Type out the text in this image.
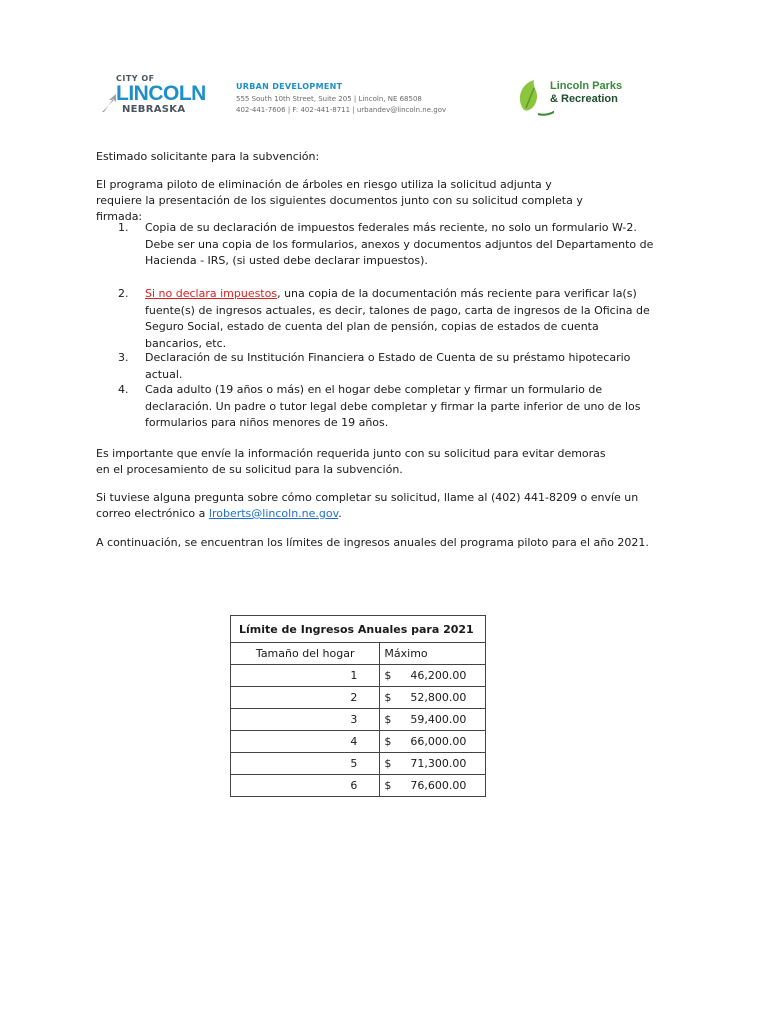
CITY OF
LINCOLN
NEBRASKA
URBAN DEVELOPMENT
555 South 10th Street, Suite 205 | Lincoln, NE 68508
402-441-7606 | F: 402-441-8711 | urbandev@lincoln.ne.gov
Lincoln Parks
& Recreation
Estimado solicitante para la subvención:
El programa piloto de eliminación de árboles en riesgo utiliza la solicitud adjunta y requiere la presentación de los siguientes documentos junto con su solicitud completa y firmada:
1. Copia de su declaración de impuestos federales más reciente, no solo un formulario W-2. Debe ser una copia de los formularios, anexos y documentos adjuntos del Departamento de Hacienda - IRS, (si usted debe declarar impuestos).
2. Si no declara impuestos, una copia de la documentación más reciente para verificar la(s) fuente(s) de ingresos actuales, es decir, talones de pago, carta de ingresos de la Oficina de Seguro Social, estado de cuenta del plan de pensión, copias de estados de cuenta bancarios, etc.
3. Declaración de su Institución Financiera o Estado de Cuenta de su préstamo hipotecario actual.
4. Cada adulto (19 años o más) en el hogar debe completar y firmar un formulario de declaración. Un padre o tutor legal debe completar y firmar la parte inferior de uno de los formularios para niños menores de 19 años.
Es importante que envíe la información requerida junto con su solicitud para evitar demoras en el procesamiento de su solicitud para la subvención.
Si tuviese alguna pregunta sobre cómo completar su solicitud, llame al (402) 441-8209 o envíe un correo electrónico a lroberts@lincoln.ne.gov.
A continuación, se encuentran los límites de ingresos anuales del programa piloto para el año 2021.
Límite de Ingresos Anuales para 2021	
Tamaño del hogar	Máximo
1	$ 46,200.00
2	$ 52,800.00
3	$ 59,400.00
4	$ 66,000.00
5	$ 71,300.00
6	$ 76,600.00
